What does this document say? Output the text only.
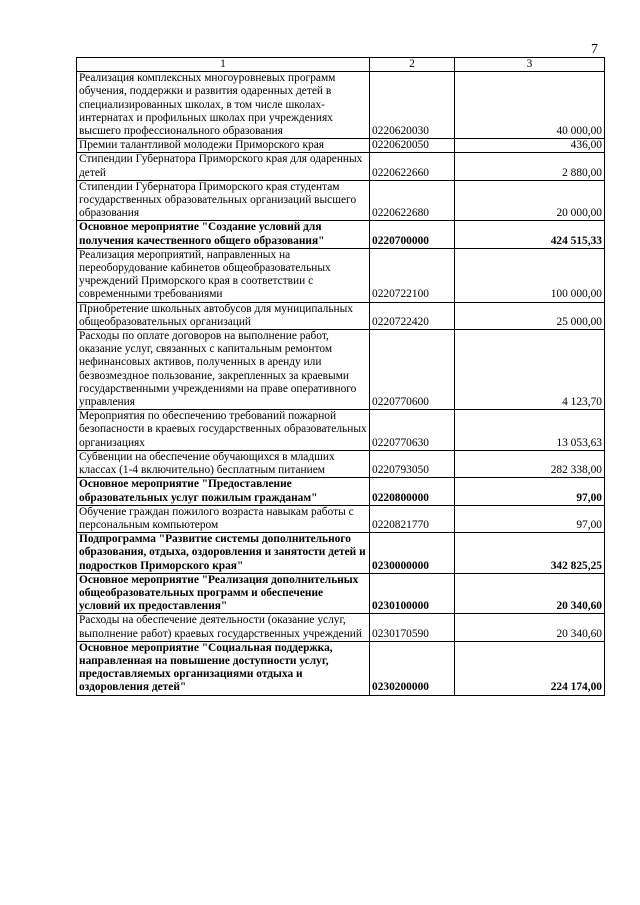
7
1	2	3
Реализация комплексных многоуровневых программ обучения, поддержки и развития одаренных детей в специализированных школах, в том числе школах-интернатах и профильных школах при учреждениях высшего профессионального образования	0220620030	40 000,00
Премии талантливой молодежи Приморского края	0220620050	436,00
Стипендии Губернатора Приморского края для одаренных детей	0220622660	2 880,00
Стипендии Губернатора Приморского края студентам государственных образовательных организаций высшего образования	0220622680	20 000,00
Основное мероприятие "Создание условий для получения качественного общего образования"	0220700000	424 515,33
Реализация мероприятий, направленных на переоборудование кабинетов общеобразовательных учреждений Приморского края в соответствии с современными требованиями	0220722100	100 000,00
Приобретение школьных автобусов для муниципальных общеобразовательных организаций	0220722420	25 000,00
Расходы по оплате договоров на выполнение работ, оказание услуг, связанных с капитальным ремонтом нефинансовых активов, полученных в аренду или безвозмездное пользование, закрепленных за краевыми государственными учреждениями на праве оперативного управления	0220770600	4 123,70
Мероприятия по обеспечению требований пожарной безопасности в краевых государственных образовательных организациях	0220770630	13 053,63
Субвенции на обеспечение обучающихся в младших классах (1-4 включительно) бесплатным питанием	0220793050	282 338,00
Основное мероприятие "Предоставление образовательных услуг пожилым гражданам"	0220800000	97,00
Обучение граждан пожилого возраста навыкам работы с персональным компьютером	0220821770	97,00
Подпрограмма "Развитие системы дополнительного образования, отдыха, оздоровления и занятости детей и подростков Приморского края"	0230000000	342 825,25
Основное мероприятие "Реализация дополнительных общеобразовательных программ и обеспечение условий их предоставления"	0230100000	20 340,60
Расходы на обеспечение деятельности (оказание услуг, выполнение работ) краевых государственных учреждений	0230170590	20 340,60
Основное мероприятие "Социальная поддержка, направленная на повышение доступности услуг, предоставляемых организациями отдыха и оздоровления детей"	0230200000	224 174,00
